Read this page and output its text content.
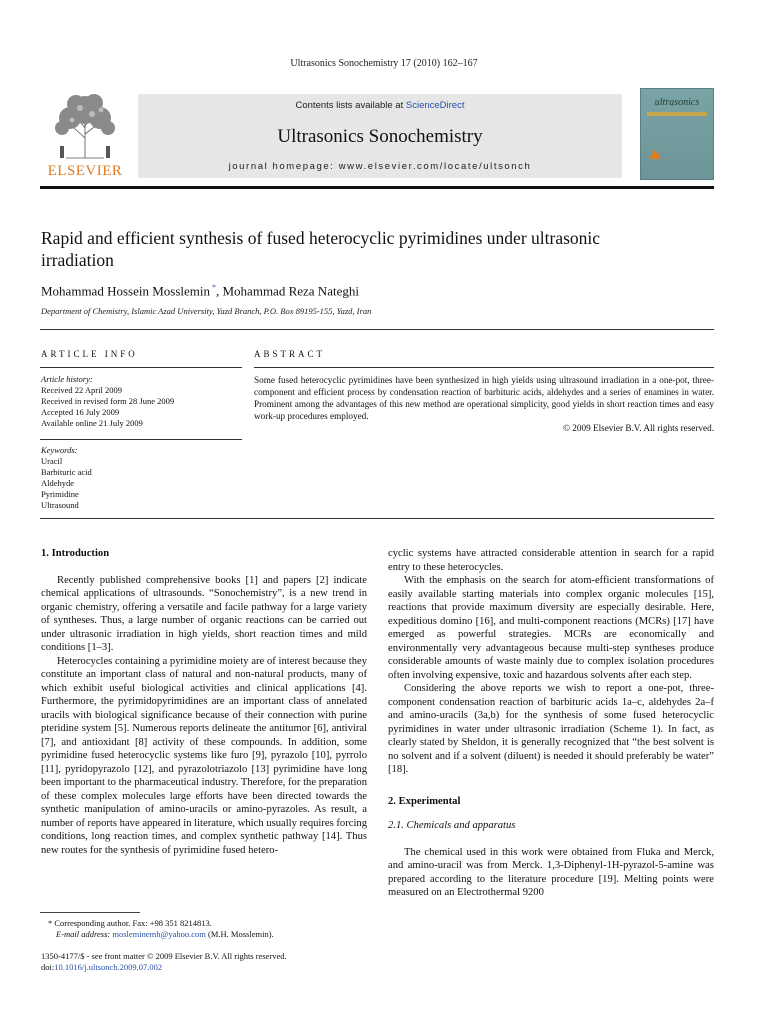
Ultrasonics Sonochemistry 17 (2010) 162–167
ELSEVIER
Contents lists available at ScienceDirect
Ultrasonics Sonochemistry
journal homepage: www.elsevier.com/locate/ultsonch
ultrasonics
Rapid and efficient synthesis of fused heterocyclic pyrimidines under ultrasonic irradiation
Mohammad Hossein Mosslemin *, Mohammad Reza Nateghi
Department of Chemistry, Islamic Azad University, Yazd Branch, P.O. Box 89195-155, Yazd, Iran
ARTICLE INFO	ABSTRACT
Article history:
Received 22 April 2009
Received in revised form 28 June 2009
Accepted 16 July 2009
Available online 21 July 2009
Keywords:
Uracil
Barbituric acid
Aldehyde
Pyrimidine
Ultrasound
Some fused heterocyclic pyrimidines have been synthesized in high yields using ultrasound irradiation in a one-pot, three-component and efficient process by condensation reaction of barbituric acids, aldehydes and a series of enamines in water. Prominent among the advantages of this new method are operational simplicity, good yields in short reaction times and easy work-up procedures employed.
© 2009 Elsevier B.V. All rights reserved.

1. Introduction

Recently published comprehensive books [1] and papers [2] indicate chemical applications of ultrasounds. “Sonochemistry”, is a new trend in organic chemistry, offering a versatile and facile pathway for a large variety of syntheses. Thus, a large number of organic reactions can be carried out under ultrasonic irradiation in high yields, short reaction times and mild conditions [1–3].

Heterocycles containing a pyrimidine moiety are of interest because they constitute an important class of natural and non-natural products, many of which exhibit useful biological activities and clinical applications [4]. Furthermore, the pyrimidopyrimidines are an important class of annelated uracils with biological significance because of their connection with purine pteridine system [5]. Numerous reports delineate the antitumor [6], antiviral [7], and antioxidant [8] activity of these compounds. In addition, some pyrimidine fused heterocyclic systems like furo [9], pyrazolo [10], pyrrolo [11], pyridopyrazolo [12], and pyrazolotriazolo [13] pyrimidine have long been important to the pharmaceutical industry. Therefore, for the preparation of these complex molecules large efforts have been directed towards the synthetic manipulation of amino-uracils or amino-pyrazoles. As result, a number of reports have appeared in literature, which usually requires forcing conditions, long reaction times, and complex synthetic pathway [14]. Thus new routes for the synthesis of pyrimidine fused hetero-

cyclic systems have attracted considerable attention in search for a rapid entry to these heterocycles.

With the emphasis on the search for atom-efficient transformations of easily available starting materials into complex organic molecules [15], reactions that provide maximum diversity are especially desirable. Here, expeditious domino [16], and multi-component reactions (MCRs) [17] have emerged as powerful strategies. MCRs are economically and environmentally very advantageous because multi-step syntheses produce considerable amounts of waste mainly due to complex isolation procedures often involving expensive, toxic and hazardous solvents after each step.

Considering the above reports we wish to report a one-pot, three-component condensation reaction of barbituric acids 1a–c, aldehydes 2a–f and amino-uracils (3a,b) for the synthesis of some fused heterocyclic pyrimidines in water under ultrasonic irradiation (Scheme 1). In fact, as clearly stated by Sheldon, it is generally recognized that “the best solvent is no solvent and if a solvent (diluent) is needed it should preferably be water” [18].

2. Experimental

2.1. Chemicals and apparatus

The chemical used in this work were obtained from Fluka and Merck, and amino-uracil was from Merck. 1,3-Diphenyl-1H-pyrazol-5-amine was prepared according to the literature procedure [19]. Melting points were measured on an Electrothermal 9200

* Corresponding author. Fax: +98 351 8214813.
E-mail address: mosleminemh@yahoo.com (M.H. Mosslemin).
1350-4177/$ - see front matter © 2009 Elsevier B.V. All rights reserved.
doi:10.1016/j.ultsonch.2009.07.002
